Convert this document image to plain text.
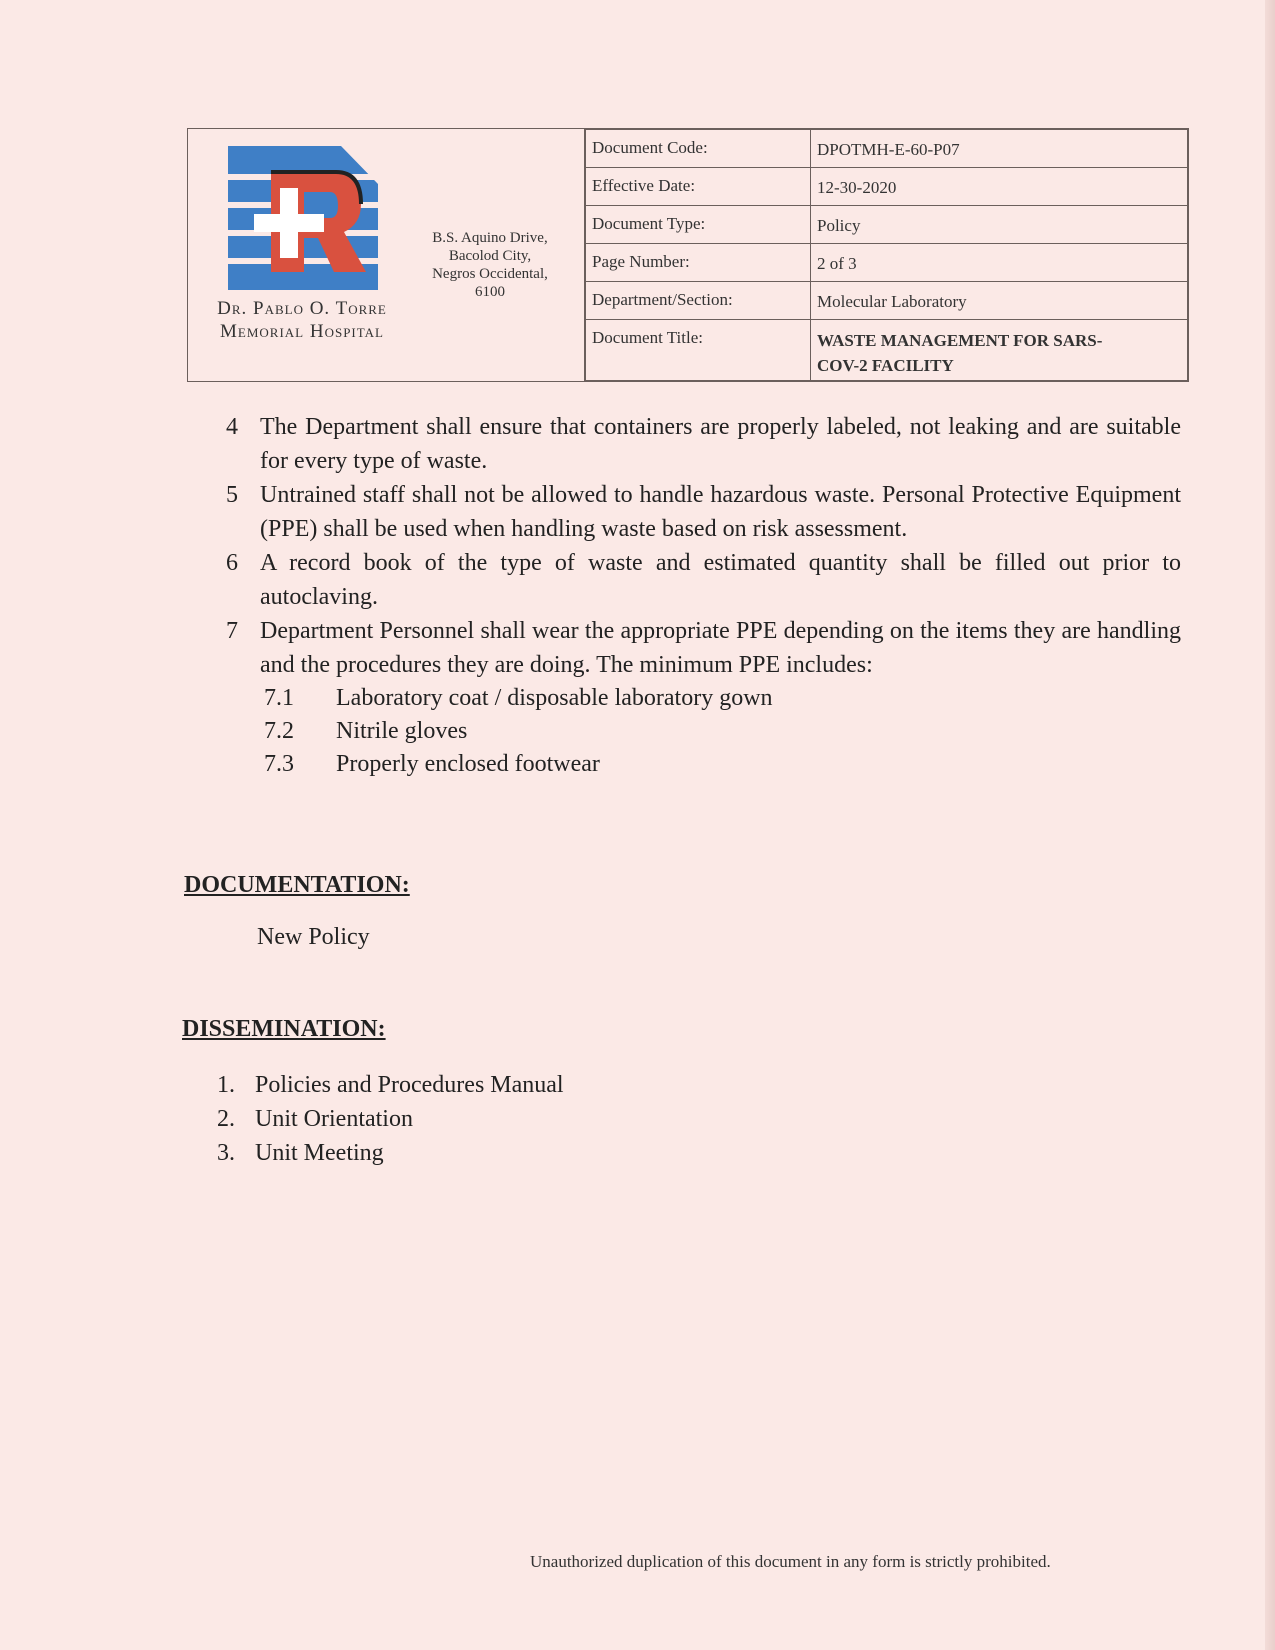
Dr. Pablo O. Torre
Memorial Hospital
B.S. Aquino Drive,
Bacolod City,
Negros Occidental,
6100
Document Code:	DPOTMH-E-60-P07
Effective Date:	12-30-2020
Document Type:	Policy
Page Number:	2 of 3
Department/Section:	Molecular Laboratory
Document Title:	WASTE MANAGEMENT FOR SARS-
COV-2 FACILITY
4 The Department shall ensure that containers are properly labeled, not leaking and are suitable for every type of waste.
5 Untrained staff shall not be allowed to handle hazardous waste. Personal Protective Equipment (PPE) shall be used when handling waste based on risk assessment.
6 A record book of the type of waste and estimated quantity shall be filled out prior to autoclaving.
7 Department Personnel shall wear the appropriate PPE depending on the items they are handling and the procedures they are doing. The minimum PPE includes:
7.1	Laboratory coat / disposable laboratory gown
7.2	Nitrile gloves
7.3	Properly enclosed footwear
DOCUMENTATION:
New Policy
DISSEMINATION:
1. Policies and Procedures Manual
2. Unit Orientation
3. Unit Meeting
Unauthorized duplication of this document in any form is strictly prohibited.
